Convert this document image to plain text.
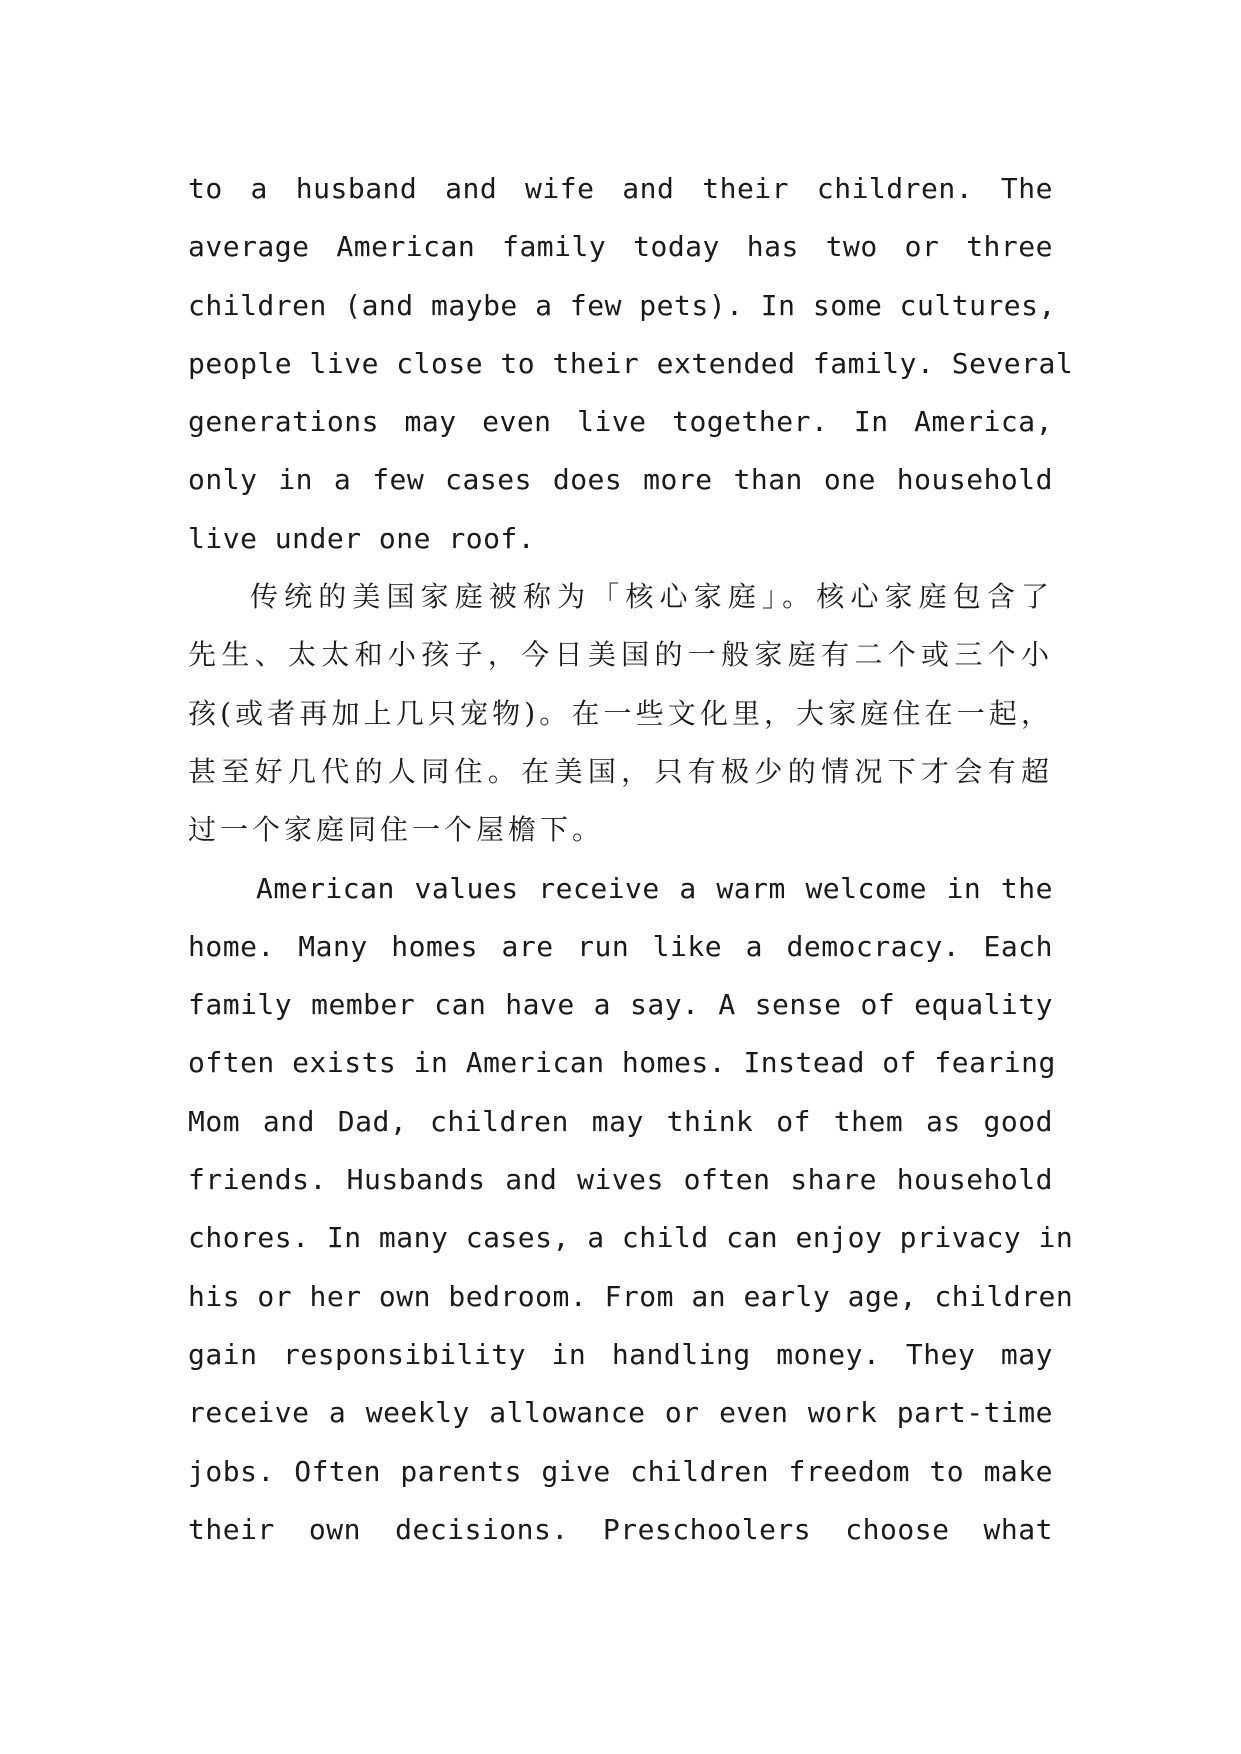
to a husband and wife and their children. The
average American family today has two or three
children (and maybe a few pets). In some cultures,
people live close to their extended family. Several
generations may even live together. In America,
only in a few cases does more than one household
live under one roof.

传统的美国家庭被称为「核心家庭」。核心家庭包含了
先生、太太和小孩子，今日美国的一般家庭有二个或三个小
孩(或者再加上几只宠物)。在一些文化里，大家庭住在一起，
甚至好几代的人同住。在美国，只有极少的情况下才会有超
过一个家庭同住一个屋檐下。

American values receive a warm welcome in the
home. Many homes are run like a democracy. Each
family member can have a say. A sense of equality
often exists in American homes. Instead of fearing
Mom and Dad, children may think of them as good
friends. Husbands and wives often share household
chores. In many cases, a child can enjoy privacy in
his or her own bedroom. From an early age, children
gain responsibility in handling money. They may
receive a weekly allowance or even work part-time
jobs. Often parents give children freedom to make
their own decisions. Preschoolers choose what
